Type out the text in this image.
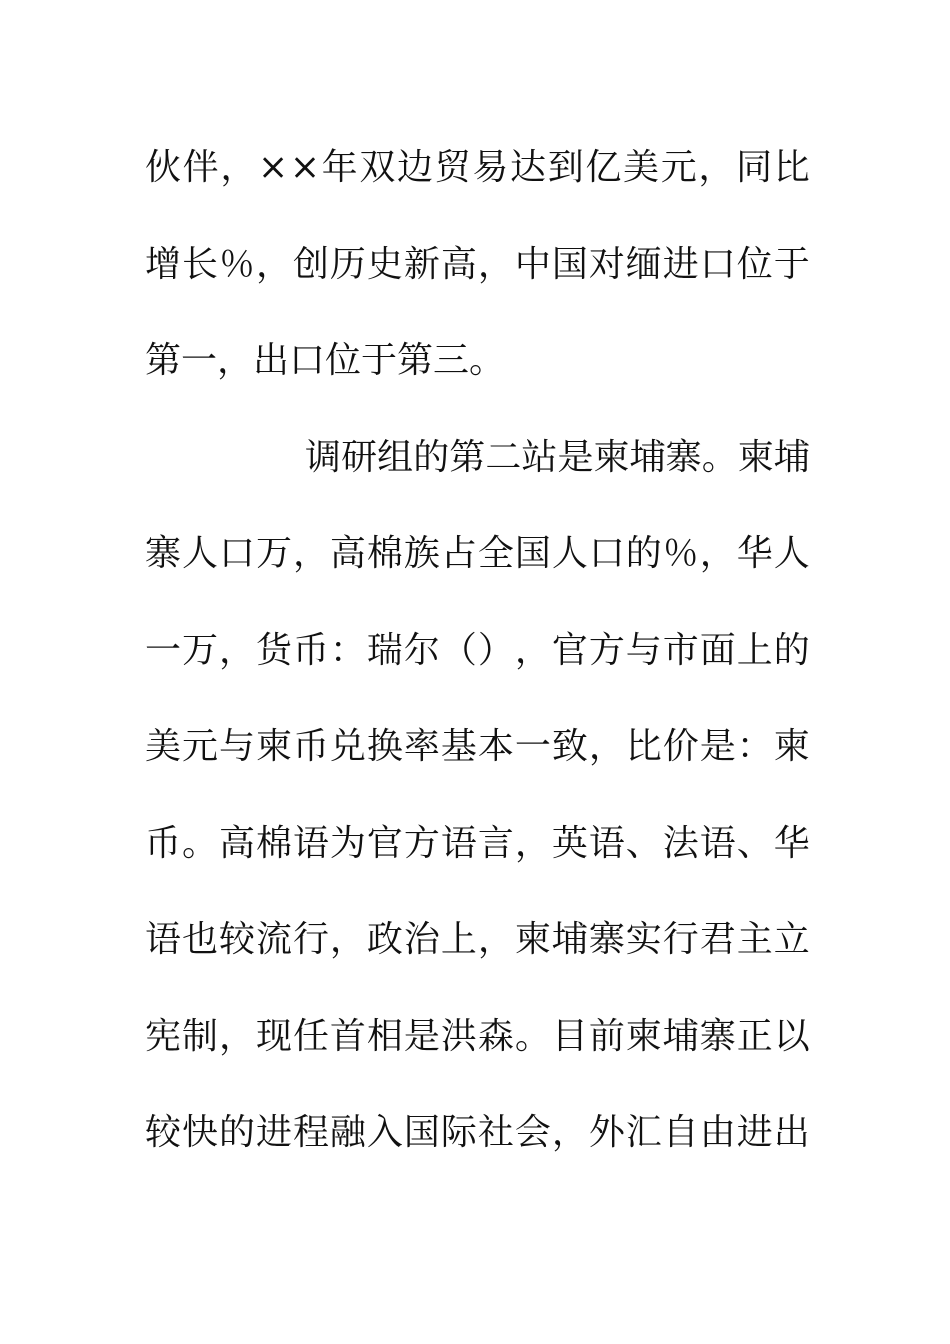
伙 伴 ， × × 年 双 边 贸 易 达 到 亿 美 元 ， 同 比
增 长 ％ ， 创 历 史 新 高 ， 中 国 对 缅 进 口 位 于
第一，出口位于第三。
调 研 组 的 第 二 站 是 柬 埔 寨 。 柬 埔
寨 人 口 万 ， 高 棉 族 占 全 国 人 口 的 ％ ， 华 人
一 万 ， 货 币 ： 瑞 尔 （ ） ， 官 方 与 市 面 上 的
美 元 与 柬 币 兑 换 率 基 本 一 致 ， 比 价 是 ： 柬
币 。 高 棉 语 为 官 方 语 言 ， 英 语 、 法 语 、 华
语 也 较 流 行 ， 政 治 上 ， 柬 埔 寨 实 行 君 主 立
宪 制 ， 现 任 首 相 是 洪 森 。 目 前 柬 埔 寨 正 以
较 快 的 进 程 融 入 国 际 社 会 ， 外 汇 自 由 进 出
